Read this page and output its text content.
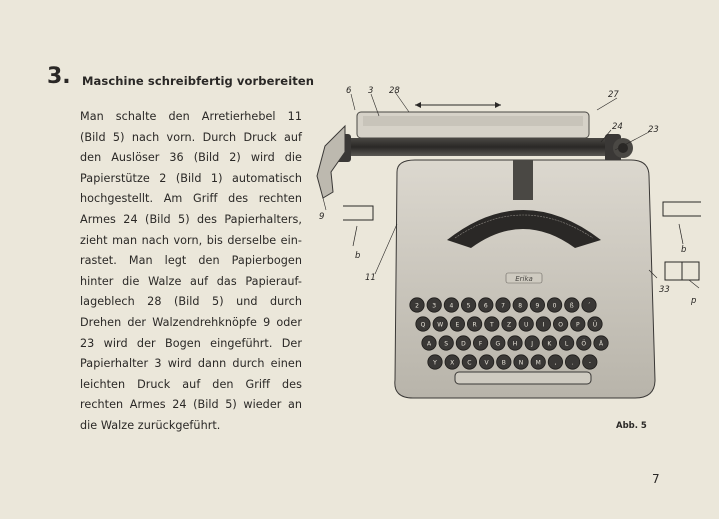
3. Maschine schreibfertig vorbereiten
Man schalte den Arretierhebel 11
(Bild 5) nach vorn. Durch Druck auf
den Auslöser 36 (Bild 2) wird die
Papierstütze 2 (Bild 1) automatisch
hochgestellt. Am Griff des rechten
Armes 24 (Bild 5) des Papierhalters,
zieht man nach vorn, bis derselbe ein-
rastet. Man legt den Papierbogen
hinter die Walze auf das Papierauf-
lageblech 28 (Bild 5) und durch
Drehen der Walzendrehknöpfe 9 oder
23 wird der Bogen eingeführt. Der
Papierhalter 3 wird dann durch einen
leichten Druck auf den Griff des
rechten Armes 24 (Bild 5) wieder an
die Walze zurückgeführt.
Erika
2 3 4 5 6 7 8 9 0 ß ´
Q W E R T Z U I O P Ü
A S D F G H J K L Ö Ä
Y X C V B N M ,	.	-
6 3 28	27
24	23
9
b
11
b
33
p
Abb. 5
7
